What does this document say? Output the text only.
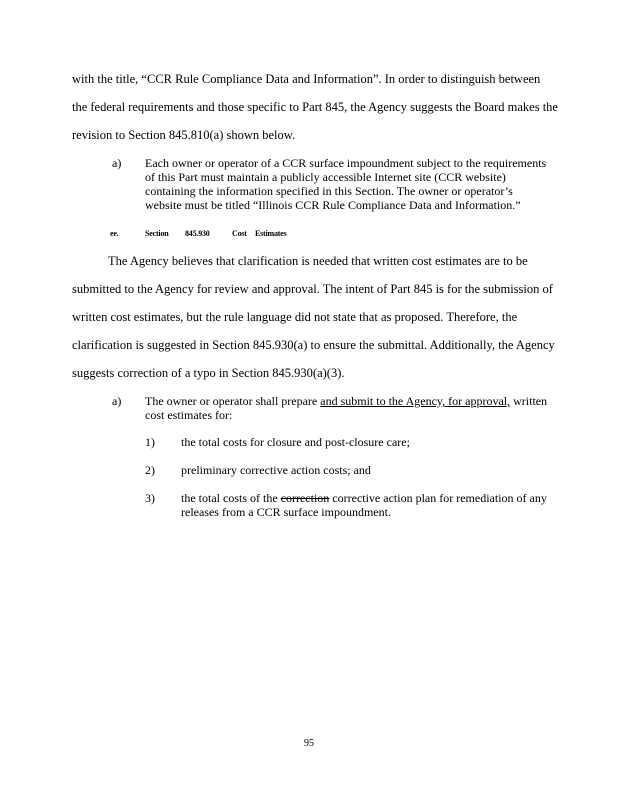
with the title, “CCR Rule Compliance Data and Information”. In order to distinguish between
the federal requirements and those specific to Part 845, the Agency suggests the Board makes the
revision to Section 845.810(a) shown below.
a) Each owner or operator of a CCR surface impoundment subject to the requirements
of this Part must maintain a publicly accessible Internet site (CCR website)
containing the information specified in this Section. The owner or operator’s
website must be titled “Illinois CCR Rule Compliance Data and Information.”
ee.	Section 845.930	Cost Estimates
The Agency believes that clarification is needed that written cost estimates are to be
submitted to the Agency for review and approval. The intent of Part 845 is for the submission of
written cost estimates, but the rule language did not state that as proposed. Therefore, the
clarification is suggested in Section 845.930(a) to ensure the submittal. Additionally, the Agency
suggests correction of a typo in Section 845.930(a)(3).
a) The owner or operator shall prepare and submit to the Agency, for approval, written
cost estimates for:
1) the total costs for closure and post-closure care;
2) preliminary corrective action costs; and
3) the total costs of the correction corrective action plan for remediation of any
releases from a CCR surface impoundment.
95
